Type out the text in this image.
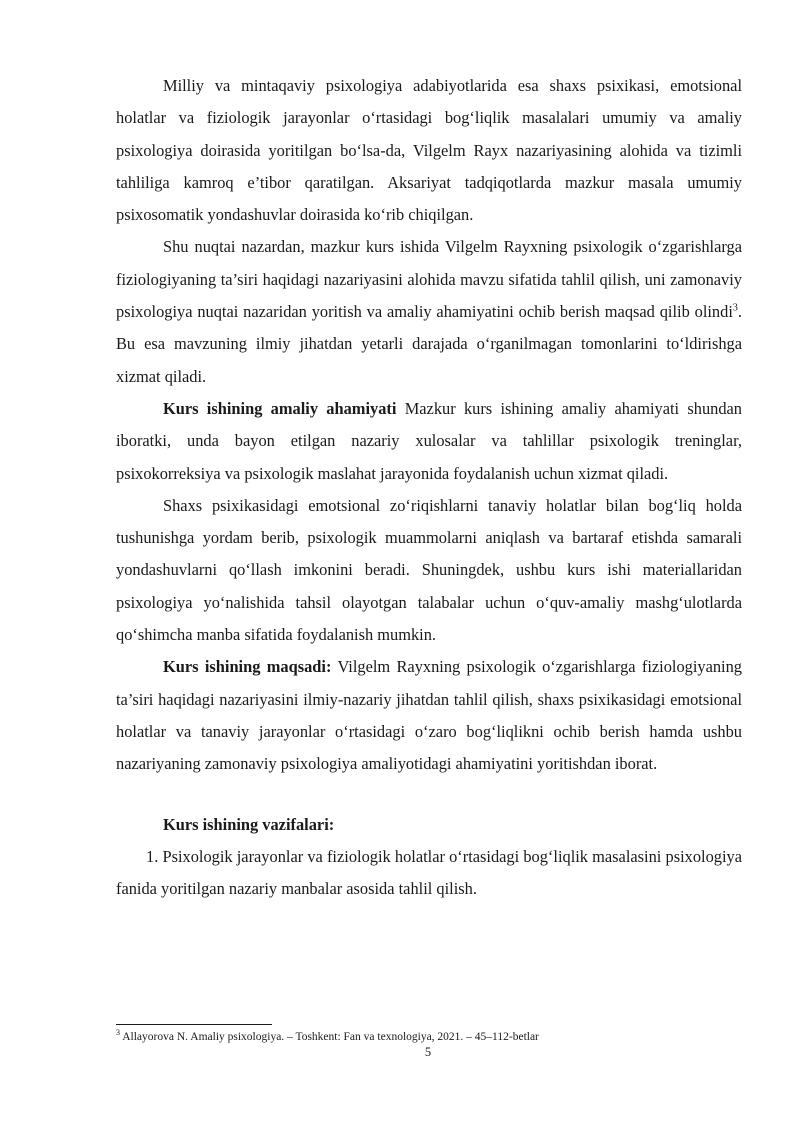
Milliy va mintaqaviy psixologiya adabiyotlarida esa shaxs psixikasi, emotsional holatlar va fiziologik jarayonlar o‘rtasidagi bog‘liqlik masalalari umumiy va amaliy psixologiya doirasida yoritilgan bo‘lsa-da, Vilgelm Rayx nazariyasining alohida va tizimli tahliliga kamroq e’tibor qaratilgan. Aksariyat tadqiqotlarda mazkur masala umumiy psixosomatik yondashuvlar doirasida ko‘rib chiqilgan.

Shu nuqtai nazardan, mazkur kurs ishida Vilgelm Rayxning psixologik o‘zgarishlarga fiziologiyaning ta’siri haqidagi nazariyasini alohida mavzu sifatida tahlil qilish, uni zamonaviy psixologiya nuqtai nazaridan yoritish va amaliy ahamiyatini ochib berish maqsad qilib olindi$^3$. Bu esa mavzuning ilmiy jihatdan yetarli darajada o‘rganilmagan tomonlarini to‘ldirishga xizmat qiladi.

Kurs ishining amaliy ahamiyati Mazkur kurs ishining amaliy ahamiyati shundan iboratki, unda bayon etilgan nazariy xulosalar va tahlillar psixologik treninglar, psixokorreksiya va psixologik maslahat jarayonida foydalanish uchun xizmat qiladi.

Shaxs psixikasidagi emotsional zo‘riqishlarni tanaviy holatlar bilan bog‘liq holda tushunishga yordam berib, psixologik muammolarni aniqlash va bartaraf etishda samarali yondashuvlarni qo‘llash imkonini beradi. Shuningdek, ushbu kurs ishi materiallaridan psixologiya yo‘nalishida tahsil olayotgan talabalar uchun o‘quv-amaliy mashg‘ulotlarda qo‘shimcha manba sifatida foydalanish mumkin.

Kurs ishining maqsadi: Vilgelm Rayxning psixologik o‘zgarishlarga fiziologiyaning ta’siri haqidagi nazariyasini ilmiy-nazariy jihatdan tahlil qilish, shaxs psixikasidagi emotsional holatlar va tanaviy jarayonlar o‘rtasidagi o‘zaro bog‘liqlikni ochib berish hamda ushbu nazariyaning zamonaviy psixologiya amaliyotidagi ahamiyatini yoritishdan iborat.

Kurs ishining vazifalari:

1. Psixologik jarayonlar va fiziologik holatlar o‘rtasidagi bog‘liqlik masalasini psixologiya fanida yoritilgan nazariy manbalar asosida tahlil qilish.

$^3$ Allayorova N. Amaliy psixologiya. – Toshkent: Fan va texnologiya, 2021. – 45–112-betlar
5
